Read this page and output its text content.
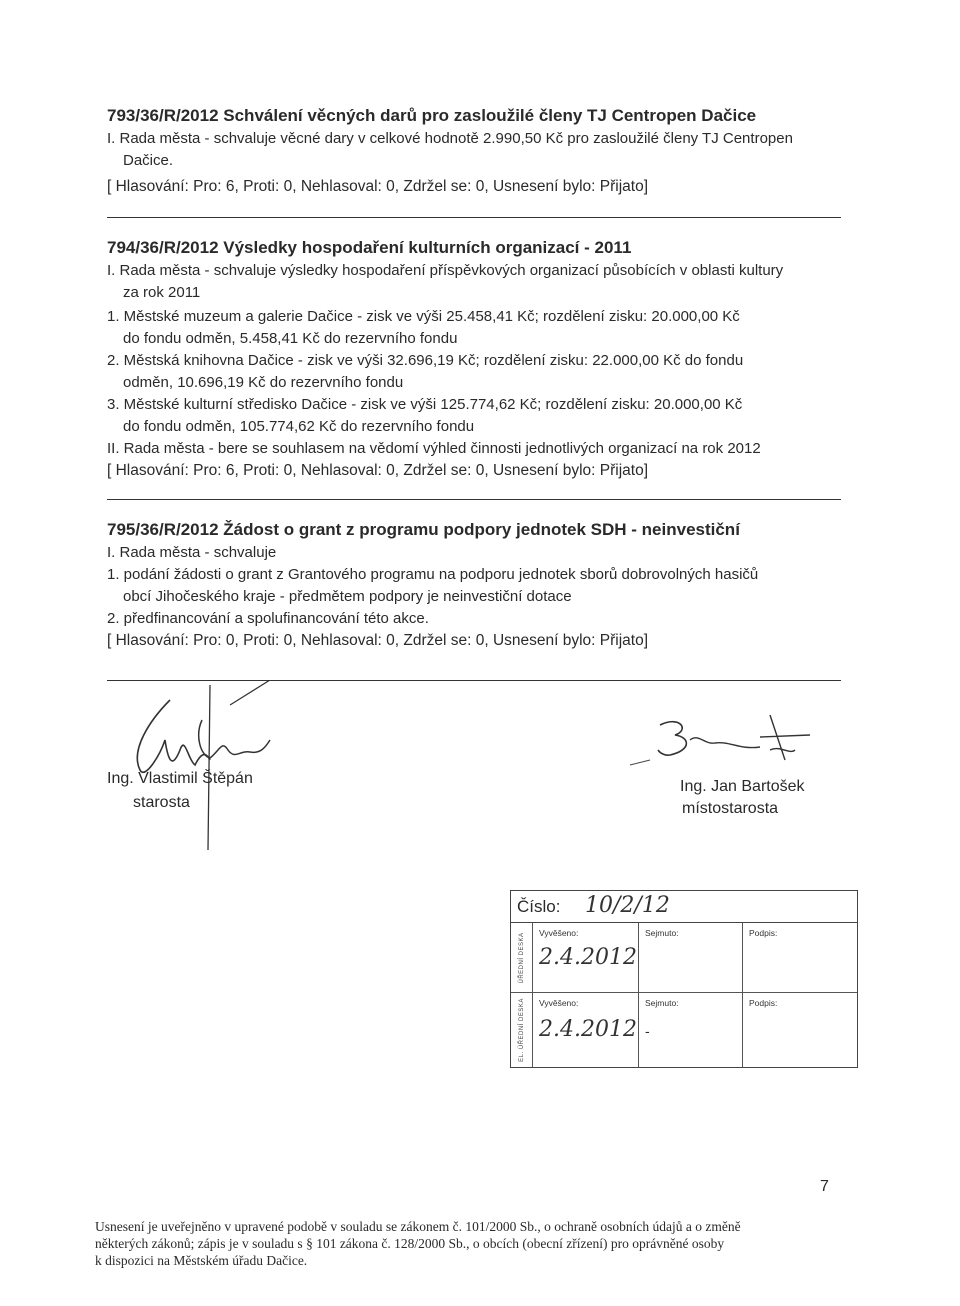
793/36/R/2012 Schválení věcných darů pro zasloužilé členy TJ Centropen Dačice
I. Rada města - schvaluje věcné dary v celkové hodnotě 2.990,50 Kč pro zasloužilé členy TJ Centropen
Dačice.
[ Hlasování: Pro: 6, Proti: 0, Nehlasoval: 0, Zdržel se: 0, Usnesení bylo: Přijato]
794/36/R/2012 Výsledky hospodaření kulturních organizací - 2011
I. Rada města - schvaluje výsledky hospodaření příspěvkových organizací působících v oblasti kultury
za rok 2011
1. Městské muzeum a galerie Dačice - zisk ve výši 25.458,41 Kč; rozdělení zisku: 20.000,00 Kč
do fondu odměn, 5.458,41 Kč do rezervního fondu
2. Městská knihovna Dačice - zisk ve výši 32.696,19 Kč; rozdělení zisku: 22.000,00 Kč do fondu
odměn, 10.696,19 Kč do rezervního fondu
3. Městské kulturní středisko Dačice - zisk ve výši 125.774,62 Kč; rozdělení zisku: 20.000,00 Kč
do fondu odměn, 105.774,62 Kč do rezervního fondu
II. Rada města - bere se souhlasem na vědomí výhled činnosti jednotlivých organizací na rok 2012
[ Hlasování: Pro: 6, Proti: 0, Nehlasoval: 0, Zdržel se: 0, Usnesení bylo: Přijato]
795/36/R/2012 Žádost o grant z programu podpory jednotek SDH - neinvestiční
I. Rada města - schvaluje
1. podání žádosti o grant z Grantového programu na podporu jednotek sborů dobrovolných hasičů
obcí Jihočeského kraje - předmětem podpory je neinvestiční dotace
2. předfinancování a spolufinancování této akce.
[ Hlasování: Pro: 0, Proti: 0, Nehlasoval: 0, Zdržel se: 0, Usnesení bylo: Přijato]
Ing. Vlastimil Štěpán
starosta
Ing. Jan Bartošek
místostarosta
Číslo: 10/2/12
ÚŘEDNÍ DESKA Vyvěšeno:
2.4.2012
Sejmuto:	Podpis:
EL. ÚŘEDNÍ DESKA Vyvěšeno:
2.4.2012
Sejmuto:
-
Podpis:
7
Usnesení je uveřejněno v upravené podobě v souladu se zákonem č. 101/2000 Sb., o ochraně osobních údajů a o změně
některých zákonů; zápis je v souladu s § 101 zákona č. 128/2000 Sb., o obcích (obecní zřízení) pro oprávněné osoby
k dispozici na Městském úřadu Dačice.
